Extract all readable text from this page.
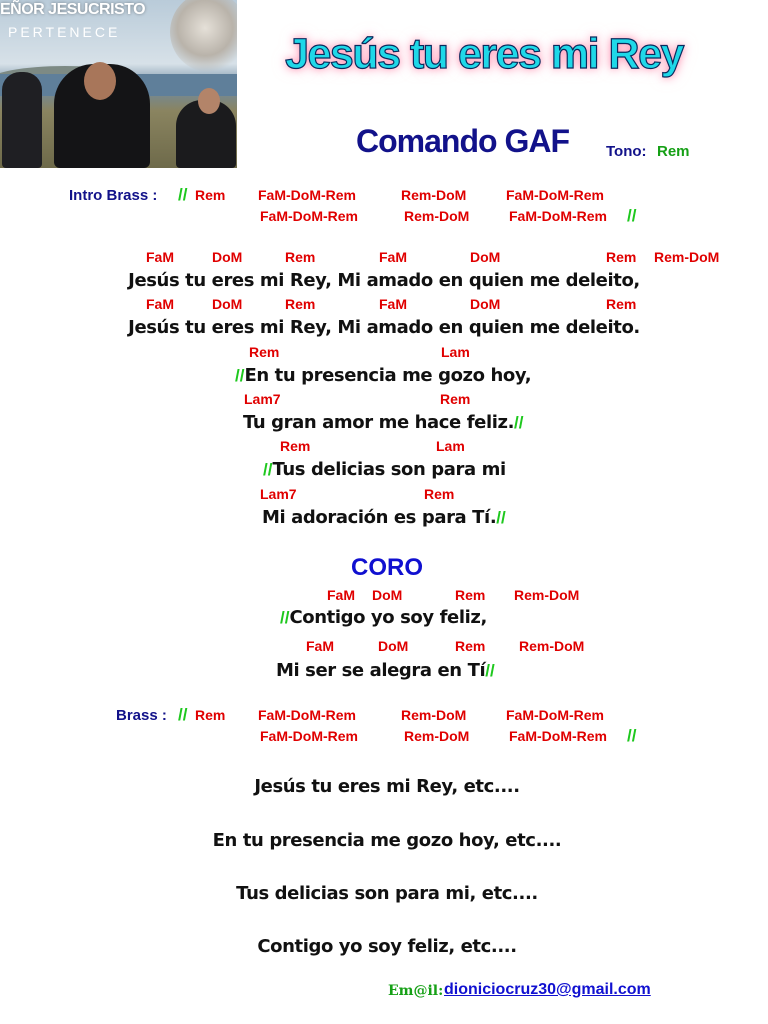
EÑOR JESUCRISTO
PERTENECE	Jesús tu eres mi Rey
Comando GAF Tono: Rem
Intro Brass : // Rem FaM-DoM-Rem	Rem-DoM	FaM-DoM-Rem
FaM-DoM-Rem	Rem-DoM	FaM-DoM-Rem //
FaM	DoM	Rem	FaM	DoM	Rem Rem-DoM
Jesús tu eres mi Rey, Mi amado en quien me deleito,
FaM	DoM	Rem	FaM	DoM	Rem
Jesús tu eres mi Rey, Mi amado en quien me deleito.
Rem	Lam
//En tu presencia me gozo hoy,
Lam7	Rem
Tu gran amor me hace feliz.//
Rem	Lam
//Tus delicias son para mi
Lam7	Rem
Mi adoración es para Tí.//
CORO
FaM DoM	Rem Rem-DoM
//Contigo yo soy feliz,
FaM	DoM	Rem Rem-DoM
Mi ser se alegra en Tí//
Brass : // Rem FaM-DoM-Rem	Rem-DoM	FaM-DoM-Rem
FaM-DoM-Rem	Rem-DoM	FaM-DoM-Rem //
Jesús tu eres mi Rey, etc....
En tu presencia me gozo hoy, etc....
Tus delicias son para mi, etc....
Contigo yo soy feliz, etc....
Em@il: dioniciocruz30@gmail.com
